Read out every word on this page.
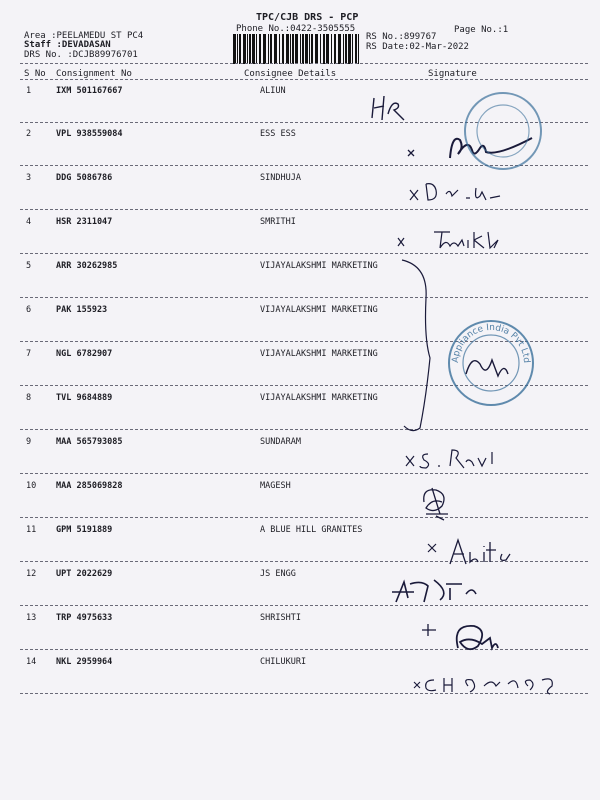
TPC/CJB DRS - PCP
Phone No.:0422-3505555	Page No.:1
Area :PEELAMEDU ST PC4
Staff :DEVADASAN
DRS No. :DCJB89976701
RS No.:899767
RS Date:02-Mar-2022
S No Consignment No	Consignee Details	Signature
1	IXM 501167667	ALIUN
2	VPL 938559084	ESS ESS
3	DDG 5086786	SINDHUJA
4	HSR 2311047	SMRITHI
5	ARR 30262985	VIJAYALAKSHMI MARKETING
6	PAK 155923	VIJAYALAKSHMI MARKETING
7	NGL 6782907	VIJAYALAKSHMI MARKETING
8	TVL 9684889	VIJAYALAKSHMI MARKETING
9	MAA 565793085	SUNDARAM
10 MAA 285069828	MAGESH
11 GPM 5191889	A BLUE HILL GRANITES
12 UPT 2022629	JS ENGG
13 TRP 4975633	SHRISHTI
14 NKL 2959964	CHILUKURI
Appliance India Pvt Ltd
